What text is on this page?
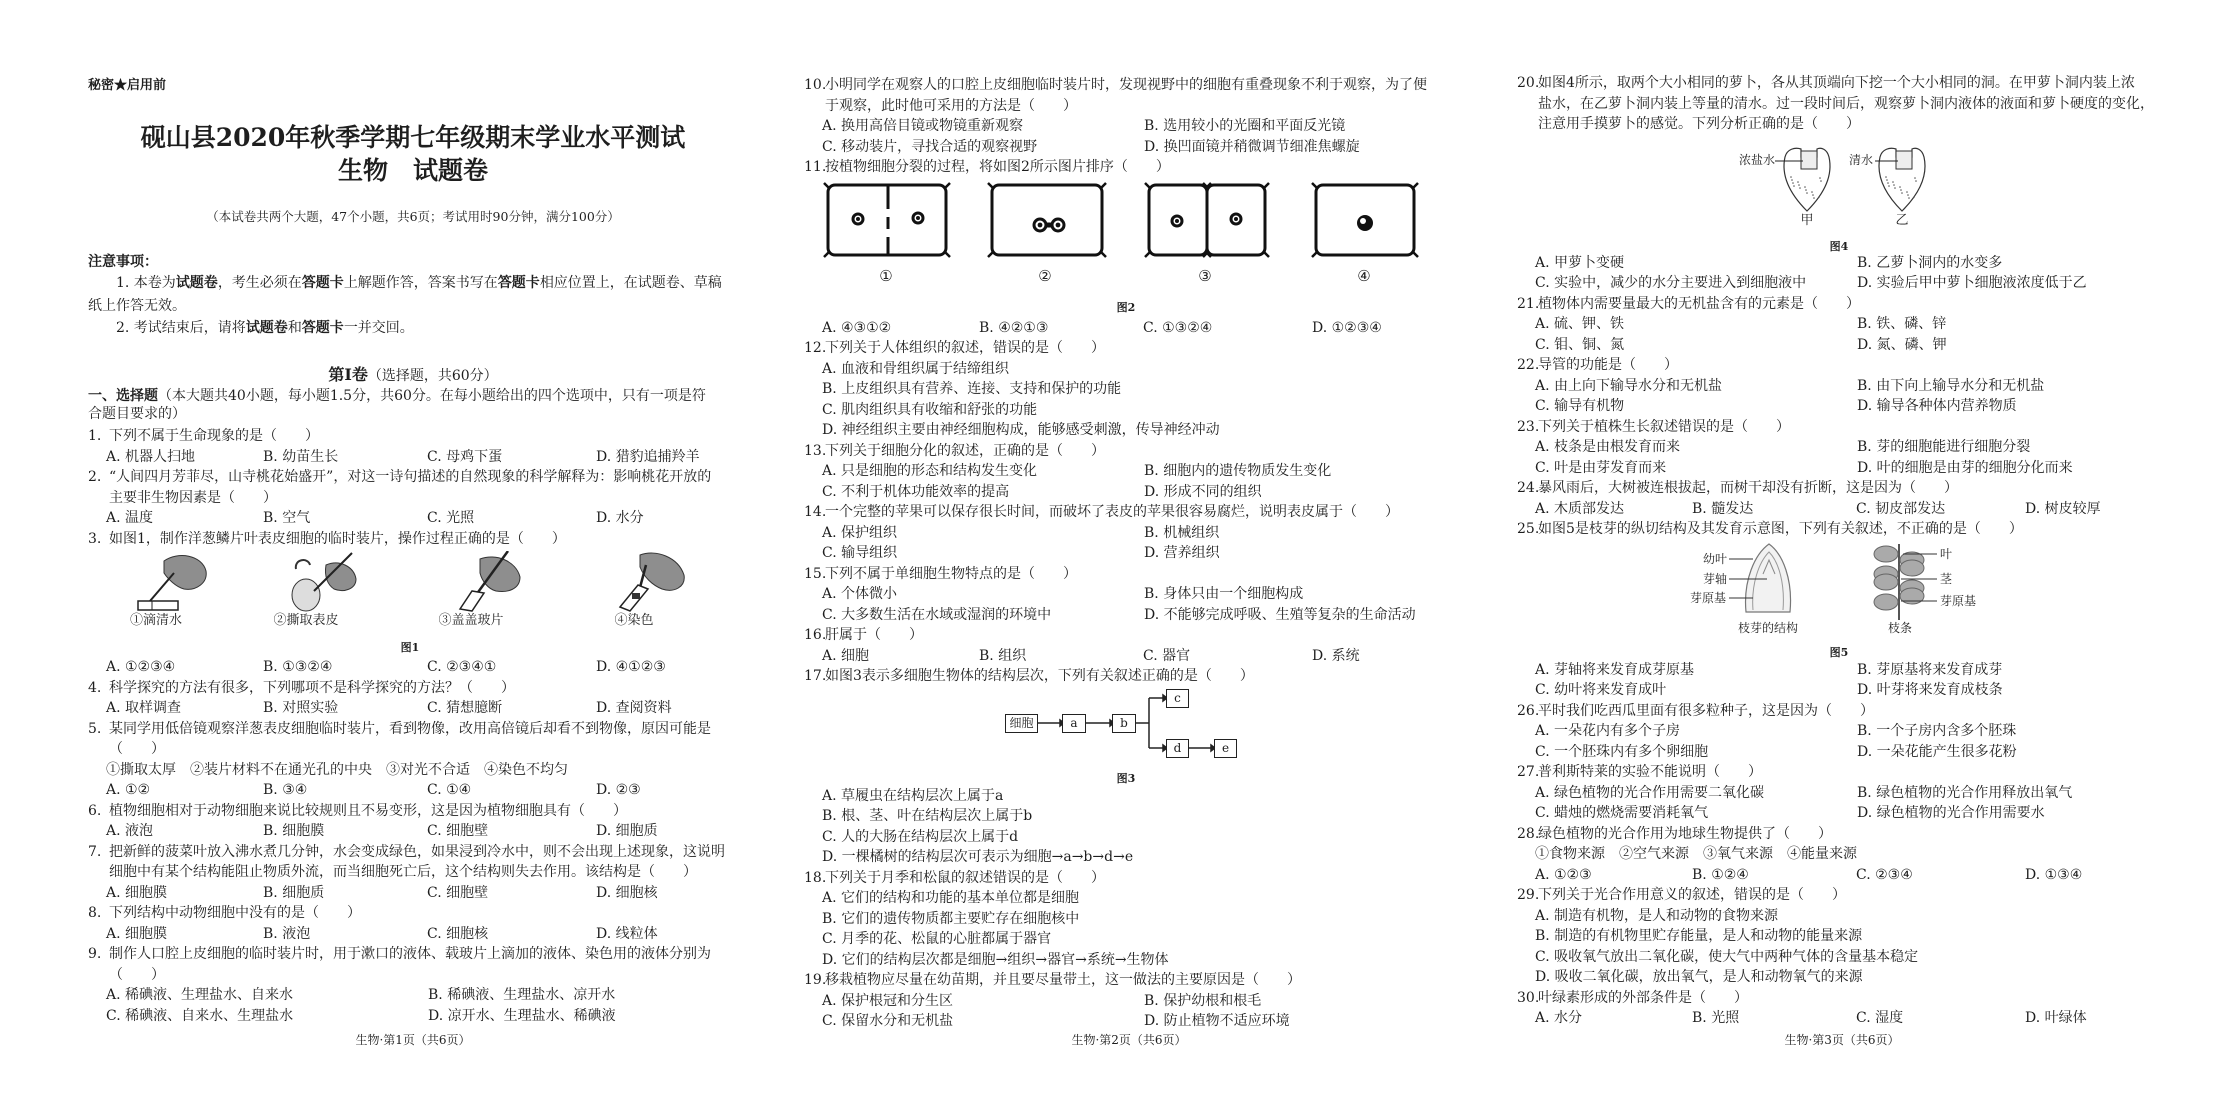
秘密★启用前
砚山县2020年秋季学期七年级期末学业水平测试
生物　试题卷
（本试卷共两个大题，47个小题，共6页；考试用时90分钟，满分100分）
注意事项：
第Ⅰ卷（选择题，共60分）
一、选择题（本大题共40小题，每小题1.5分，共60分。在每小题给出的四个选项中，只有一项是符
合题目要求的）
1. 本卷为试题卷，考生必须在答题卡上解题作答，答案书写在答题卡相应位置上，在试题卷、草稿
纸上作答无效。
2. 考试结束后，请将试题卷和答题卡一并交回。
1. 下列不属于生命现象的是（　　）
A. 机器人扫地	B. 幼苗生长	C. 母鸡下蛋	D. 猎豹追捕羚羊
2. “人间四月芳菲尽，山寺桃花始盛开”，对这一诗句描述的自然现象的科学解释为：影响桃花开放的
主要非生物因素是（　　）
A. 温度	B. 空气	C. 光照	D. 水分
3. 如图1，制作洋葱鳞片叶表皮细胞的临时装片，操作过程正确的是（　　）
①滴清水	②撕取表皮	③盖盖玻片	④染色
图1
A. ①②③④	B. ①③②④	C. ②③④①	D. ④①②③
4. 科学探究的方法有很多，下列哪项不是科学探究的方法？（　　）
A. 取样调查	B. 对照实验	C. 猜想臆断	D. 查阅资料
5. 某同学用低倍镜观察洋葱表皮细胞临时装片，看到物像，改用高倍镜后却看不到物像，原因可能是
（　　）
①撕取太厚　②装片材料不在通光孔的中央　③对光不合适　④染色不均匀
A. ①②	B. ③④	C. ①④	D. ②③
6. 植物细胞相对于动物细胞来说比较规则且不易变形，这是因为植物细胞具有（　　）
A. 液泡	B. 细胞膜	C. 细胞壁	D. 细胞质
7. 把新鲜的菠菜叶放入沸水煮几分钟，水会变成绿色，如果浸到冷水中，则不会出现上述现象，这说明
细胞中有某个结构能阻止物质外流，而当细胞死亡后，这个结构则失去作用。该结构是（　　）
A. 细胞膜	B. 细胞质	C. 细胞壁	D. 细胞核
8. 下列结构中动物细胞中没有的是（　　）
A. 细胞膜	B. 液泡	C. 细胞核	D. 线粒体
9. 制作人口腔上皮细胞的临时装片时，用于漱口的液体、载玻片上滴加的液体、染色用的液体分别为
（　　）
A. 稀碘液、生理盐水、自来水	B. 稀碘液、生理盐水、凉开水
C. 稀碘液、自来水、生理盐水	D. 凉开水、生理盐水、稀碘液
生物·第1页（共6页）
10.
小明同学在观察人的口腔上皮细胞临时装片时，发现视野中的细胞有重叠现象不利于观察，为了便
于观察，此时他可采用的方法是（　　）
A. 换用高倍目镜或物镜重新观察	B. 选用较小的光圈和平面反光镜
C. 移动装片，寻找合适的观察视野	D. 换凹面镜并稍微调节细准焦螺旋
11.
按植物细胞分裂的过程，将如图2所示图片排序（　　）
①	②	③	④
图2
A. ④③①②	B. ④②①③	C. ①③②④	D. ①②③④
12.
下列关于人体组织的叙述，错误的是（　　）
A. 血液和骨组织属于结缔组织
B. 上皮组织具有营养、连接、支持和保护的功能
C. 肌肉组织具有收缩和舒张的功能
D. 神经组织主要由神经细胞构成，能够感受刺激，传导神经冲动
13.
下列关于细胞分化的叙述，正确的是（　　）
A. 只是细胞的形态和结构发生变化	B. 细胞内的遗传物质发生变化
C. 不利于机体功能效率的提高	D. 形成不同的组织
14.
一个完整的苹果可以保存很长时间，而破坏了表皮的苹果很容易腐烂，说明表皮属于（　　）
A. 保护组织	B. 机械组织
C. 输导组织	D. 营养组织
15.
下列不属于单细胞生物特点的是（　　）
A. 个体微小	B. 身体只由一个细胞构成
C. 大多数生活在水域或湿润的环境中	D. 不能够完成呼吸、生殖等复杂的生命活动
16.
肝属于（　　）
A. 细胞	B. 组织	C. 器官	D. 系统
17.
如图3表示多细胞生物体的结构层次，下列有关叙述正确的是（　　）
细胞	a	b
c
d	e
图3
A. 草履虫在结构层次上属于a
B. 根、茎、叶在结构层次上属于b
C. 人的大肠在结构层次上属于d
D. 一棵橘树的结构层次可表示为细胞→a→b→d→e
18.
下列关于月季和松鼠的叙述错误的是（　　）
A. 它们的结构和功能的基本单位都是细胞
B. 它们的遗传物质都主要贮存在细胞核中
C. 月季的花、松鼠的心脏都属于器官
D. 它们的结构层次都是细胞→组织→器官→系统→生物体
19.
移栽植物应尽量在幼苗期，并且要尽量带土，这一做法的主要原因是（　　）
A. 保护根冠和分生区	B. 保护幼根和根毛
C. 保留水分和无机盐	D. 防止植物不适应环境
生物·第2页（共6页）
20.
如图4所示，取两个大小相同的萝卜，各从其顶端向下挖一个大小相同的洞。在甲萝卜洞内装上浓
盐水，在乙萝卜洞内装上等量的清水。过一段时间后，观察萝卜洞内液体的液面和萝卜硬度的变化，
注意用手摸萝卜的感觉。下列分析正确的是（　　）
浓盐水	清水
甲	乙
图4
A. 甲萝卜变硬	B. 乙萝卜洞内的水变多
C. 实验中，减少的水分主要进入到细胞液中	D. 实验后甲中萝卜细胞液浓度低于乙
21.
植物体内需要量最大的无机盐含有的元素是（　　）
A. 硫、钾、铁	B. 铁、磷、锌
C. 钼、铜、氮	D. 氮、磷、钾
22.
导管的功能是（　　）
A. 由上向下输导水分和无机盐	B. 由下向上输导水分和无机盐
C. 输导有机物	D. 输导各种体内营养物质
23.
下列关于植株生长叙述错误的是（　　）
A. 枝条是由根发育而来	B. 芽的细胞能进行细胞分裂
C. 叶是由芽发育而来	D. 叶的细胞是由芽的细胞分化而来
24.
暴风雨后，大树被连根拔起，而树干却没有折断，这是因为（　　）
A. 木质部发达	B. 髓发达	C. 韧皮部发达	D. 树皮较厚
25.
如图5是枝芽的纵切结构及其发育示意图，下列有关叙述，不正确的是（　　）
幼叶
芽轴
芽原基
枝芽的结构
叶
茎
芽原基
枝条
图5
A. 芽轴将来发育成芽原基	B. 芽原基将来发育成芽
C. 幼叶将来发育成叶	D. 叶芽将来发育成枝条
26.
平时我们吃西瓜里面有很多粒种子，这是因为（　　）
A. 一朵花内有多个子房	B. 一个子房内含多个胚珠
C. 一个胚珠内有多个卵细胞	D. 一朵花能产生很多花粉
27.
普利斯特莱的实验不能说明（　　）
A. 绿色植物的光合作用需要二氧化碳	B. 绿色植物的光合作用释放出氧气
C. 蜡烛的燃烧需要消耗氧气	D. 绿色植物的光合作用需要水
28.
绿色植物的光合作用为地球生物提供了（　　）
①食物来源　②空气来源　③氧气来源　④能量来源
A. ①②③	B. ①②④	C. ②③④	D. ①③④
29.
下列关于光合作用意义的叙述，错误的是（　　）
A. 制造有机物，是人和动物的食物来源
B. 制造的有机物里贮存能量，是人和动物的能量来源
C. 吸收氧气放出二氧化碳，使大气中两种气体的含量基本稳定
D. 吸收二氧化碳，放出氧气，是人和动物氧气的来源
30.
叶绿素形成的外部条件是（　　）
A. 水分	B. 光照	C. 湿度	D. 叶绿体
生物·第3页（共6页）
